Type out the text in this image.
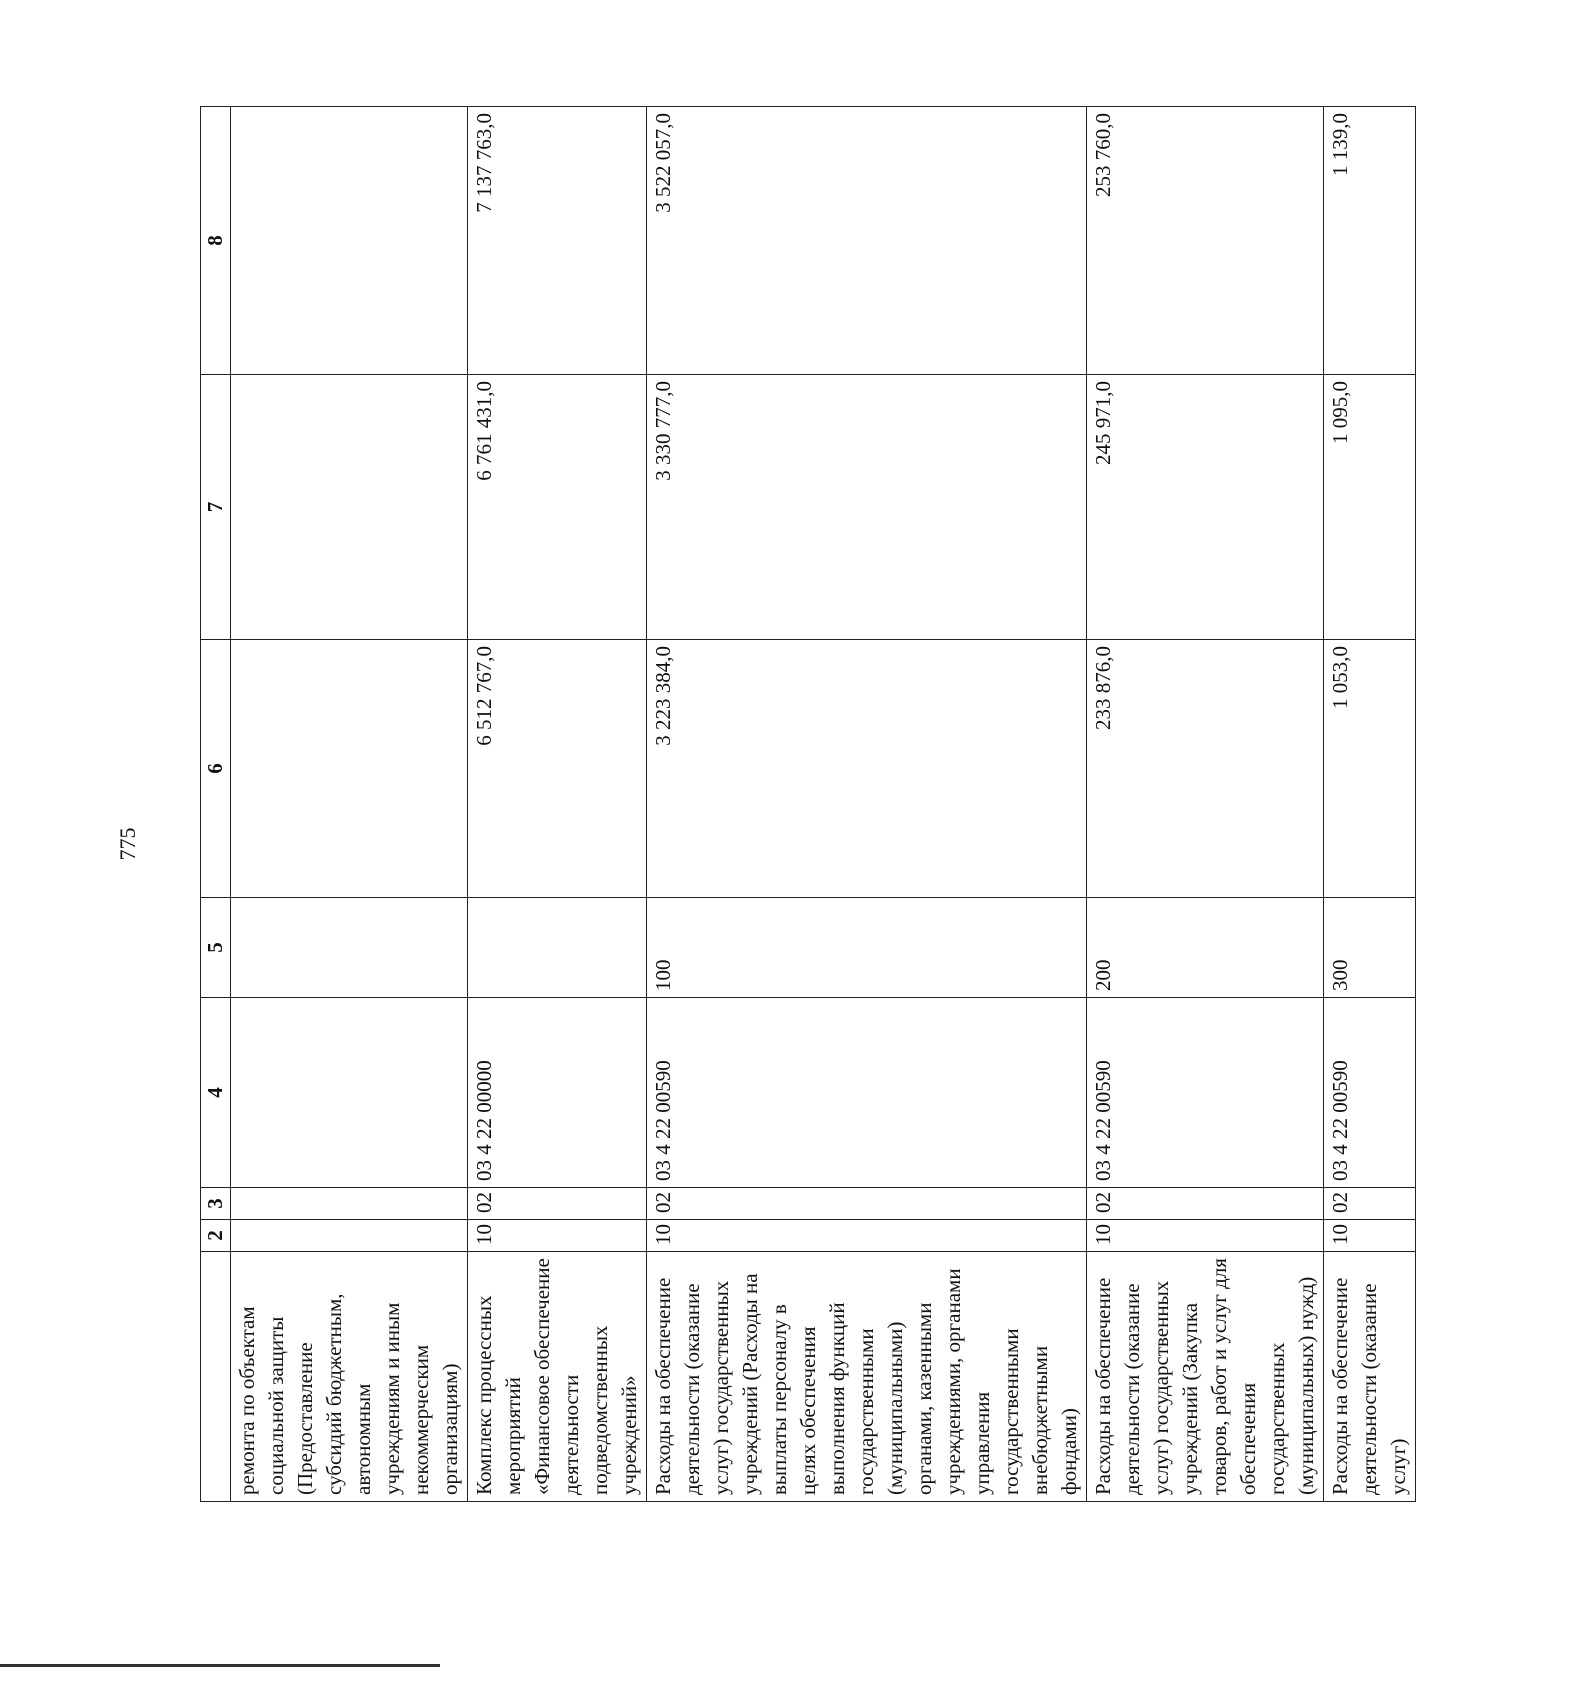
775
	2	3	4	5	6	7	8
ремонта по объектам социальной защиты (Предоставление субсидий бюджетным, автономным учреждениям и иным некоммерческим организациям)							
Комплекс процессных мероприятий «Финансовое обеспечение деятельности подведомственных учреждений»	10	02	03 4 22 00000		6 512 767,0	6 761 431,0	7 137 763,0
Расходы на обеспечение деятельности (оказание услуг) государственных учреждений (Расходы на выплаты персоналу в целях обеспечения выполнения функций государственными (муниципальными) органами, казенными учреждениями, органами управления государственными внебюджетными фондами)	10	02	03 4 22 00590	100	3 223 384,0	3 330 777,0	3 522 057,0
Расходы на обеспечение деятельности (оказание услуг) государственных учреждений (Закупка товаров, работ и услуг для обеспечения государственных (муниципальных) нужд)	10	02	03 4 22 00590	200	233 876,0	245 971,0	253 760,0
Расходы на обеспечение деятельности (оказание услуг)	10	02	03 4 22 00590	300	1 053,0	1 095,0	1 139,0
